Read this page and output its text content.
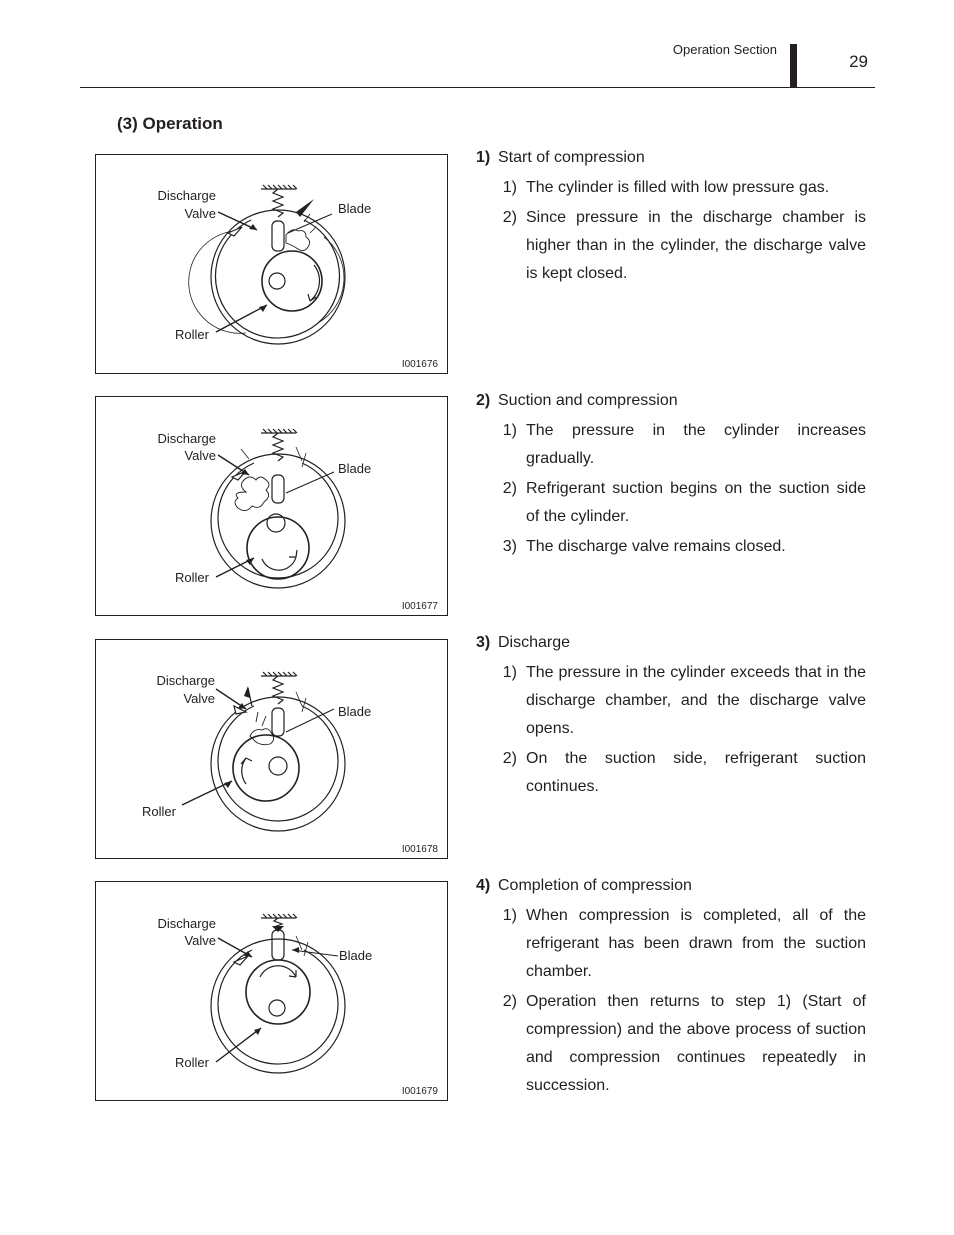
Operation Section
29
(3) Operation
Discharge
Valve	Blade
Roller
I001676
Discharge
Valve
Blade
Roller
I001677
Discharge
Valve
Blade
Roller
I001678
Discharge
Valve
Blade
Roller
I001679
1) Start of compression
1) The cylinder is filled with low pressure gas.
2) Since pressure in the discharge chamber is higher than in the cylinder, the discharge valve is kept closed.
2) Suction and compression
1) The pressure in the cylinder increases gradually.
2) Refrigerant suction begins on the suction side of the cylinder.
3) The discharge valve remains closed.
3) Discharge
1) The pressure in the cylinder exceeds that in the discharge chamber, and the discharge valve opens.
2) On the suction side, refrigerant suction continues.
4) Completion of compression
1) When compression is completed, all of the refrigerant has been drawn from the suction chamber.
2) Operation then returns to step 1) (Start of compression) and the above process of suction and compression continues repeatedly in succession.
